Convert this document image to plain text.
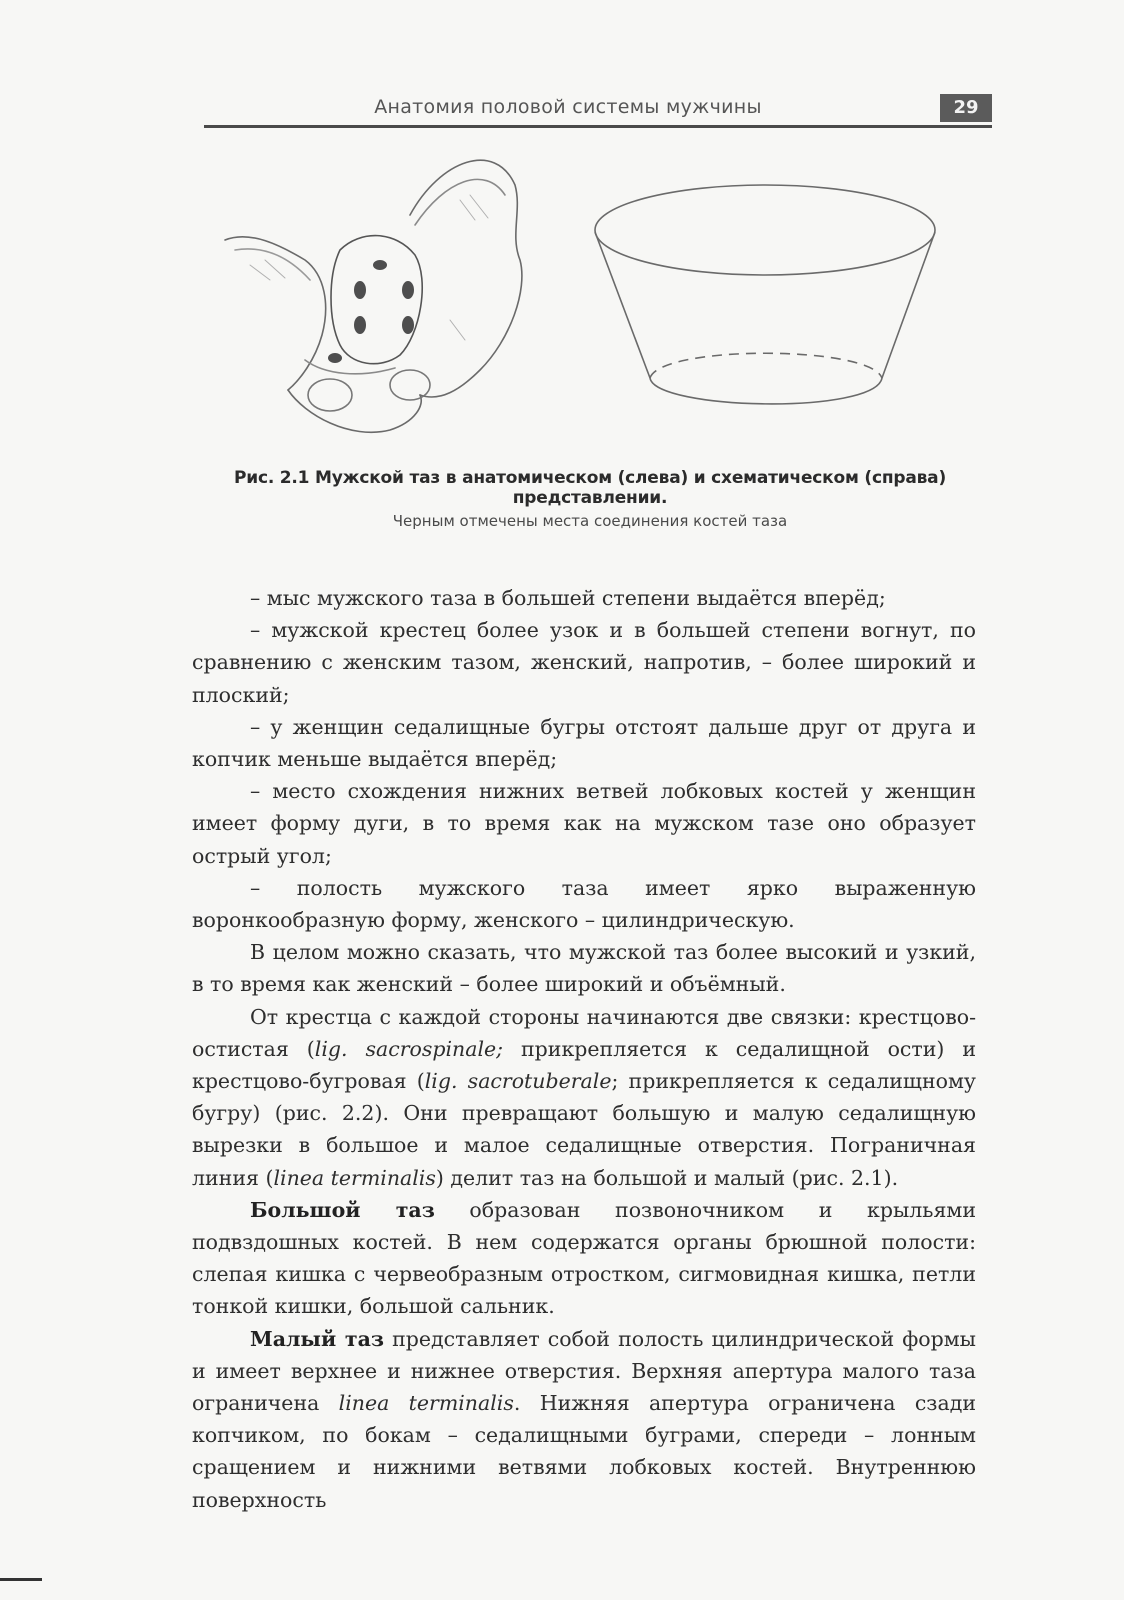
Анатомия половой системы мужчины	29
Рис. 2.1 Мужской таз в анатомическом (слева) и схематическом (справа) представлении.
Черным отмечены места соединения костей таза

– мыс мужского таза в большей степени выдаётся вперёд;

– мужской крестец более узок и в большей степени вогнут, по сравнению с женским тазом, женский, напротив, – более широкий и плоский;

– у женщин седалищные бугры отстоят дальше друг от друга и копчик меньше выдаётся вперёд;

– место схождения нижних ветвей лобковых костей у женщин имеет форму дуги, в то время как на мужском тазе оно образует острый угол;

– полость мужского таза имеет ярко выраженную воронкообразную форму, женского – цилиндрическую.

В целом можно сказать, что мужской таз более высокий и узкий, в то время как женский – более широкий и объёмный.

От крестца с каждой стороны начинаются две связки: крестцово-остистая (lig. sacrospinale; прикрепляется к седалищной ости) и крестцово-бугровая (lig. sacrotuberale; прикрепляется к седалищному бугру) (рис. 2.2). Они превращают большую и малую седалищную вырезки в большое и малое седалищные отверстия. Пограничная линия (linea terminalis) делит таз на большой и малый (рис. 2.1).

Большой таз образован позвоночником и крыльями подвздошных костей. В нем содержатся органы брюшной полости: слепая кишка с червеобразным отростком, сигмовидная кишка, петли тонкой кишки, большой сальник.

Малый таз представляет собой полость цилиндрической формы и имеет верхнее и нижнее отверстия. Верхняя апертура малого таза ограничена linea terminalis. Нижняя апертура ограничена сзади копчиком, по бокам – седалищными буграми, спереди – лонным сращением и нижними ветвями лобковых костей. Внутреннюю поверхность
